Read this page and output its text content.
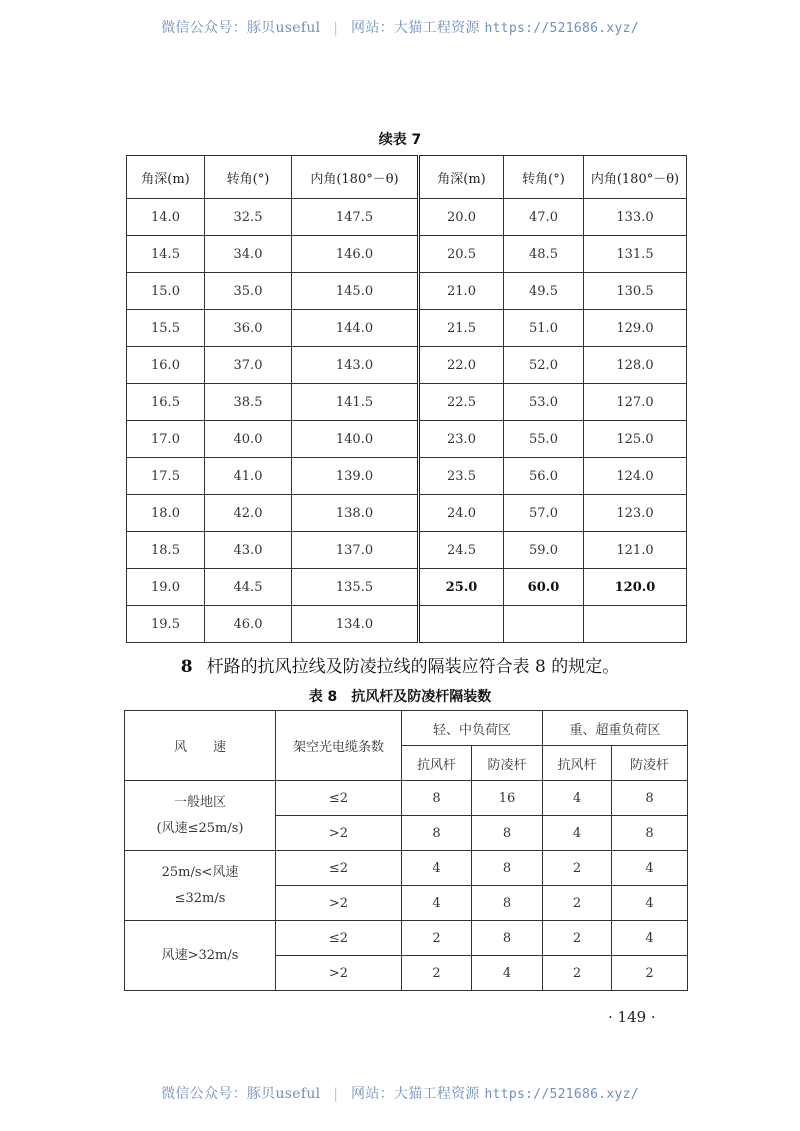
微信公众号：豚贝useful | 网站：大猫工程资源 https://521686.xyz/
续表 7
角深(m)	转角(°)	内角(180°－θ)	角深(m)	转角(°)	内角(180°－θ)
14.0	32.5	147.5	20.0	47.0	133.0
14.5	34.0	146.0	20.5	48.5	131.5
15.0	35.0	145.0	21.0	49.5	130.5
15.5	36.0	144.0	21.5	51.0	129.0
16.0	37.0	143.0	22.0	52.0	128.0
16.5	38.5	141.5	22.5	53.0	127.0
17.0	40.0	140.0	23.0	55.0	125.0
17.5	41.0	139.0	23.5	56.0	124.0
18.0	42.0	138.0	24.0	57.0	123.0
18.5	43.0	137.0	24.5	59.0	121.0
19.0	44.5	135.5	25.0	60.0	120.0
19.5	46.0	134.0			
8 杆路的抗风拉线及防凌拉线的隔装应符合表 8 的规定。
表 8　抗风杆及防凌杆隔装数
风　　速	架空光电缆条数	轻、中负荷区		重、超重负荷区	
		抗风杆	防凌杆	抗风杆	防凌杆

一般地区
(风速≤25m/s)	≤2	8	16	4	8
	>2	8	8	4	8

25m/s<风速
≤32m/s	≤2	4	8	2	4
	>2	4	8	2	4

风速>32m/s	≤2	2	8	2	4
	>2	2	4	2	2
· 149 ·
微信公众号：豚贝useful | 网站：大猫工程资源 https://521686.xyz/
